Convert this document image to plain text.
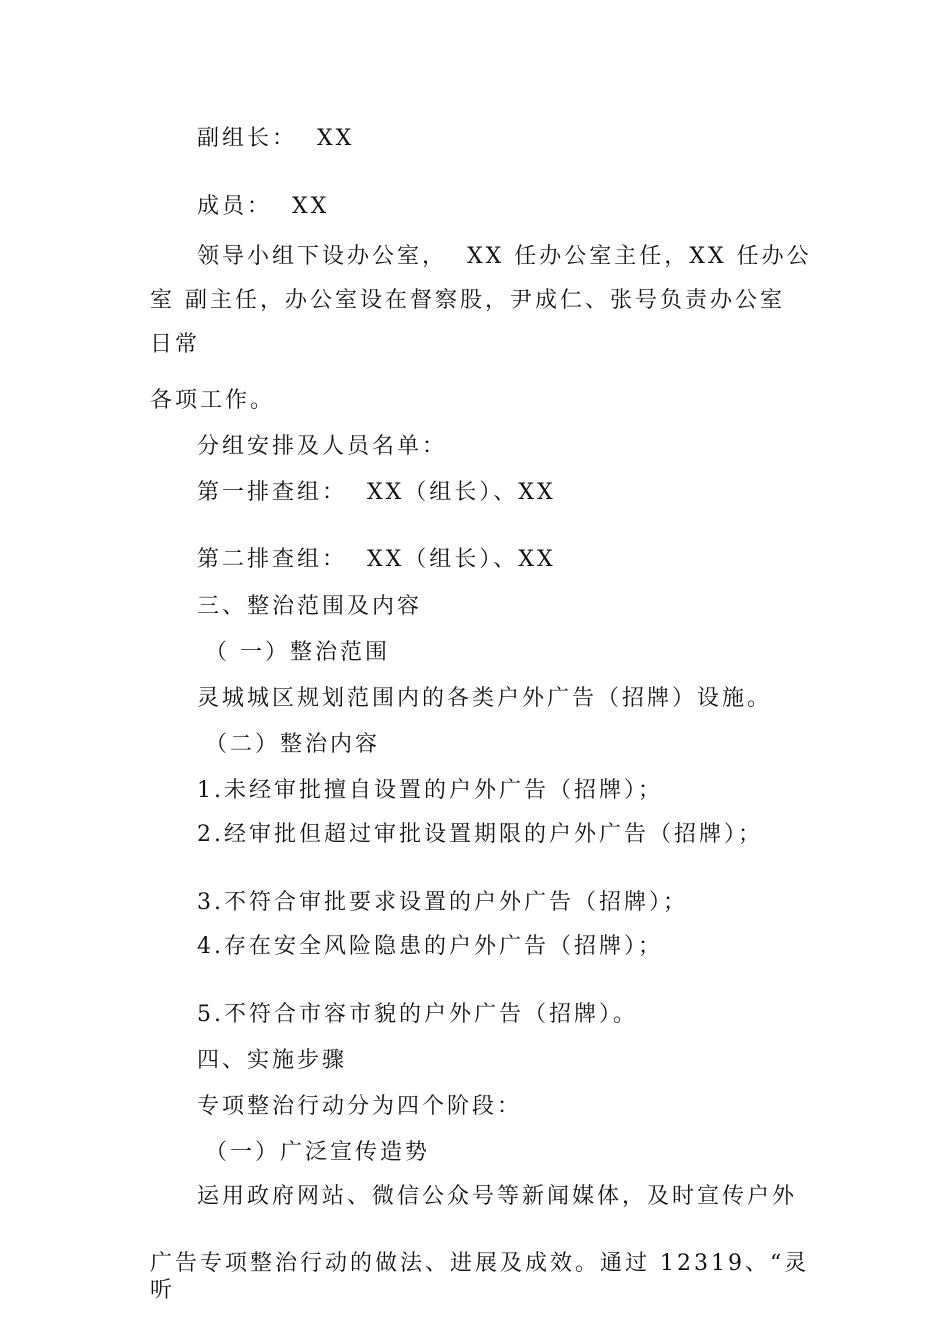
副组长：  XX
成员：  XX
领导小组下设办公室，  XX 任办公室主任，XX 任办公
室 副主任，办公室设在督察股，尹成仁、张号负责办公室
日常
各项工作。
分组安排及人员名单：
第一排查组：  XX（组长）、XX
第二排查组：  XX（组长）、XX
三、整治范围及内容
（ 一）整治范围
灵城城区规划范围内的各类户外广告（招牌）设施。
（二）整治内容
1.未经审批擅自设置的户外广告（招牌）；
2.经审批但超过审批设置期限的户外广告（招牌）；
3.不符合审批要求设置的户外广告（招牌）；
4.存在安全风险隐患的户外广告（招牌）；
5.不符合市容市貌的户外广告（招牌）。
四、实施步骤
专项整治行动分为四个阶段：
（一）广泛宣传造势
运用政府网站、微信公众号等新闻媒体，及时宣传户外
广告专项整治行动的做法、进展及成效。通过 12319、“灵
听
